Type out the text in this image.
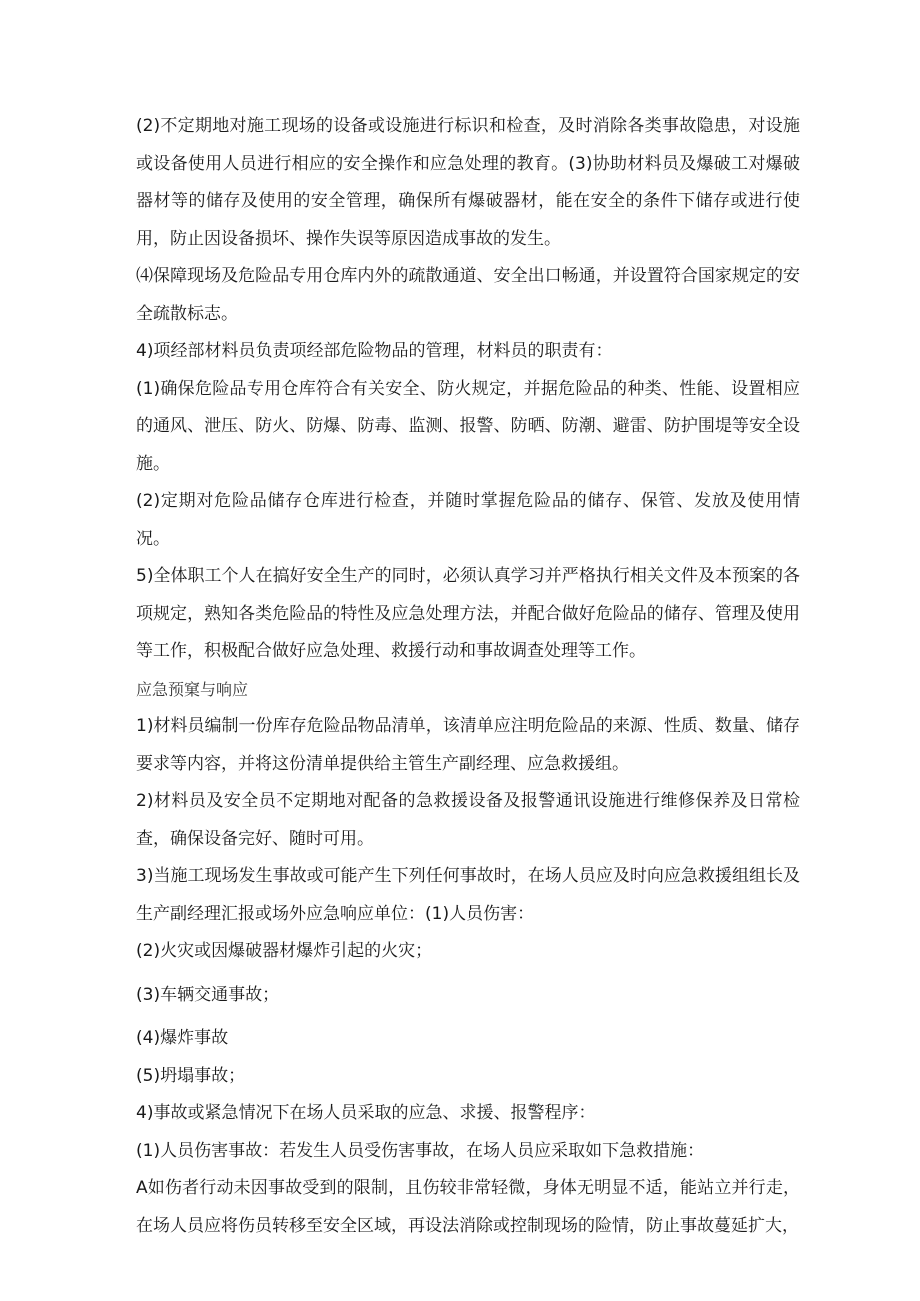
(2)不定期地对施工现场的设备或设施进行标识和检查，及时消除各类事故隐患，对设施或设备使用人员进行相应的安全操作和应急处理的教育。(3)协助材料员及爆破工对爆破器材等的储存及使用的安全管理，确保所有爆破器材，能在安全的条件下储存或进行使用，防止因设备损坏、操作失误等原因造成事故的发生。

⑷保障现场及危险品专用仓库内外的疏散通道、安全出口畅通，并设置符合国家规定的安全疏散标志。

4)项经部材料员负责项经部危险物品的管理，材料员的职责有：

(1)确保危险品专用仓库符合有关安全、防火规定，并据危险品的种类、性能、设置相应的通风、泄压、防火、防爆、防毒、监测、报警、防晒、防潮、避雷、防护围堤等安全设施。

(2)定期对危险品储存仓库进行检查，并随时掌握危险品的储存、保管、发放及使用情况。

5)全体职工个人在搞好安全生产的同时，必须认真学习并严格执行相关文件及本预案的各项规定，熟知各类危险品的特性及应急处理方法，并配合做好危险品的储存、管理及使用等工作，积极配合做好应急处理、救援行动和事故调查处理等工作。

应急预窠与响应

1)材料员编制一份库存危险品物品清单，该清单应注明危险品的来源、性质、数量、储存要求等内容，并将这份清单提供给主管生产副经理、应急救援组。

2)材料员及安全员不定期地对配备的急救援设备及报警通讯设施进行维修保养及日常检查，确保设备完好、随时可用。

3)当施工现场发生事故或可能产生下列任何事故时，在场人员应及时向应急救援组组长及生产副经理汇报或场外应急响应单位：(1)人员伤害：

(2)火灾或因爆破器材爆炸引起的火灾；

(3)车辆交通事故；

(4)爆炸事故

(5)坍塌事故；

4)事故或紧急情况下在场人员采取的应急、求援、报警程序：

(1)人员伤害事故：若发生人员受伤害事故，在场人员应采取如下急救措施：

A如伤者行动未因事故受到的限制，且伤较非常轻微，身体无明显不适，能站立并行走，在场人员应将伤员转移至安全区域，再设法消除或控制现场的险情，防止事故蔓延扩大，
